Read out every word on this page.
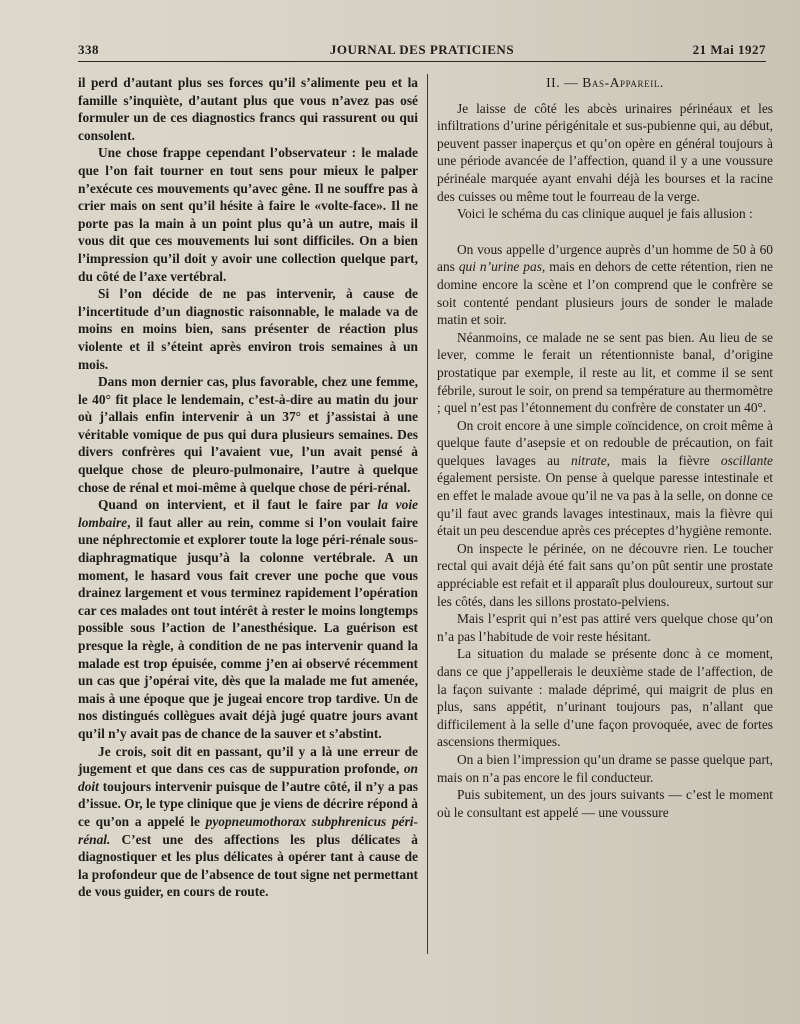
338	JOURNAL DES PRATICIENS	21 Mai 1927

il perd d’autant plus ses forces qu’il s’alimente peu et la famille s’inquiète, d’autant plus que vous n’avez pas osé formuler un de ces diagnostics francs qui rassurent ou qui consolent.

Une chose frappe cependant l’observateur : le malade que l’on fait tourner en tout sens pour mieux le palper n’exécute ces mouvements qu’avec gêne. Il ne souffre pas à crier mais on sent qu’il hésite à faire le «volte-face». Il ne porte pas la main à un point plus qu’à un autre, mais il vous dit que ces mouvements lui sont difficiles. On a bien l’impression qu’il doit y avoir une collection quelque part, du côté de l’axe vertébral.

Si l’on décide de ne pas intervenir, à cause de l’incertitude d’un diagnostic raisonnable, le malade va de moins en moins bien, sans présenter de réaction plus violente et il s’éteint après environ trois semaines à un mois.

Dans mon dernier cas, plus favorable, chez une femme, le 40° fit place le lendemain, c’est-à-dire au matin du jour où j’allais enfin intervenir à un 37° et j’assistai à une véritable vomique de pus qui dura plusieurs semaines. Des divers confrères qui l’avaient vue, l’un avait pensé à quelque chose de pleuro-pulmonaire, l’autre à quelque chose de rénal et moi-même à quelque chose de péri-rénal.

Quand on intervient, et il faut le faire par la voie lombaire, il faut aller au rein, comme si l’on voulait faire une néphrectomie et explorer toute la loge péri-rénale sous-diaphragmatique jusqu’à la colonne vertébrale. A un moment, le hasard vous fait crever une poche que vous drainez largement et vous terminez rapidement l’opération car ces malades ont tout intérêt à rester le moins longtemps possible sous l’action de l’anesthésique. La guérison est presque la règle, à condition de ne pas intervenir quand la malade est trop épuisée, comme j’en ai observé récemment un cas que j’opérai vite, dès que la malade me fut amenée, mais à une époque que je jugeai encore trop tardive. Un de nos distingués collègues avait déjà jugé quatre jours avant qu’il n’y avait pas de chance de la sauver et s’abstint.

Je crois, soit dit en passant, qu’il y a là une erreur de jugement et que dans ces cas de suppuration profonde, on doit toujours intervenir puisque de l’autre côté, il n’y a pas d’issue. Or, le type clinique que je viens de décrire répond à ce qu’on a appelé le pyopneumothorax subphrenicus péri-rénal. C’est une des affections les plus délicates à diagnostiquer et les plus délicates à opérer tant à cause de la profondeur que de l’absence de tout signe net permettant de vous guider, en cours de route.

II. — Bas-Appareil.

Je laisse de côté les abcès urinaires périnéaux et les infiltrations d’urine périgénitale et sus-pubienne qui, au début, peuvent passer inaperçus et qu’on opère en général toujours à une période avancée de l’affection, quand il y a une voussure périnéale marquée ayant envahi déjà les bourses et la racine des cuisses ou même tout le fourreau de la verge.

Voici le schéma du cas clinique auquel je fais allusion :

On vous appelle d’urgence auprès d’un homme de 50 à 60 ans qui n’urine pas, mais en dehors de cette rétention, rien ne domine encore la scène et l’on comprend que le confrère se soit contenté pendant plusieurs jours de sonder le malade matin et soir.

Néanmoins, ce malade ne se sent pas bien. Au lieu de se lever, comme le ferait un rétentionniste banal, d’origine prostatique par exemple, il reste au lit, et comme il se sent fébrile, surout le soir, on prend sa température au thermomètre ; quel n’est pas l’étonnement du confrère de constater un 40°.

On croit encore à une simple coïncidence, on croit même à quelque faute d’asepsie et on redouble de précaution, on fait quelques lavages au nitrate, mais la fièvre oscillante également persiste. On pense à quelque paresse intestinale et en effet le malade avoue qu’il ne va pas à la selle, on donne ce qu’il faut avec grands lavages intestinaux, mais la fièvre qui était un peu descendue après ces préceptes d’hygiène remonte.

On inspecte le périnée, on ne découvre rien. Le toucher rectal qui avait déjà été fait sans qu’on pût sentir une prostate appréciable est refait et il apparaît plus douloureux, surtout sur les côtés, dans les sillons prostato-pelviens.

Mais l’esprit qui n’est pas attiré vers quelque chose qu’on n’a pas l’habitude de voir reste hésitant.

La situation du malade se présente donc à ce moment, dans ce que j’appellerais le deuxième stade de l’affection, de la façon suivante : malade déprimé, qui maigrit de plus en plus, sans appétit, n’urinant toujours pas, n’allant que difficilement à la selle d’une façon provoquée, avec de fortes ascensions thermiques.

On a bien l’impression qu’un drame se passe quelque part, mais on n’a pas encore le fil conducteur.

Puis subitement, un des jours suivants — c’est le moment où le consultant est appelé — une voussure
